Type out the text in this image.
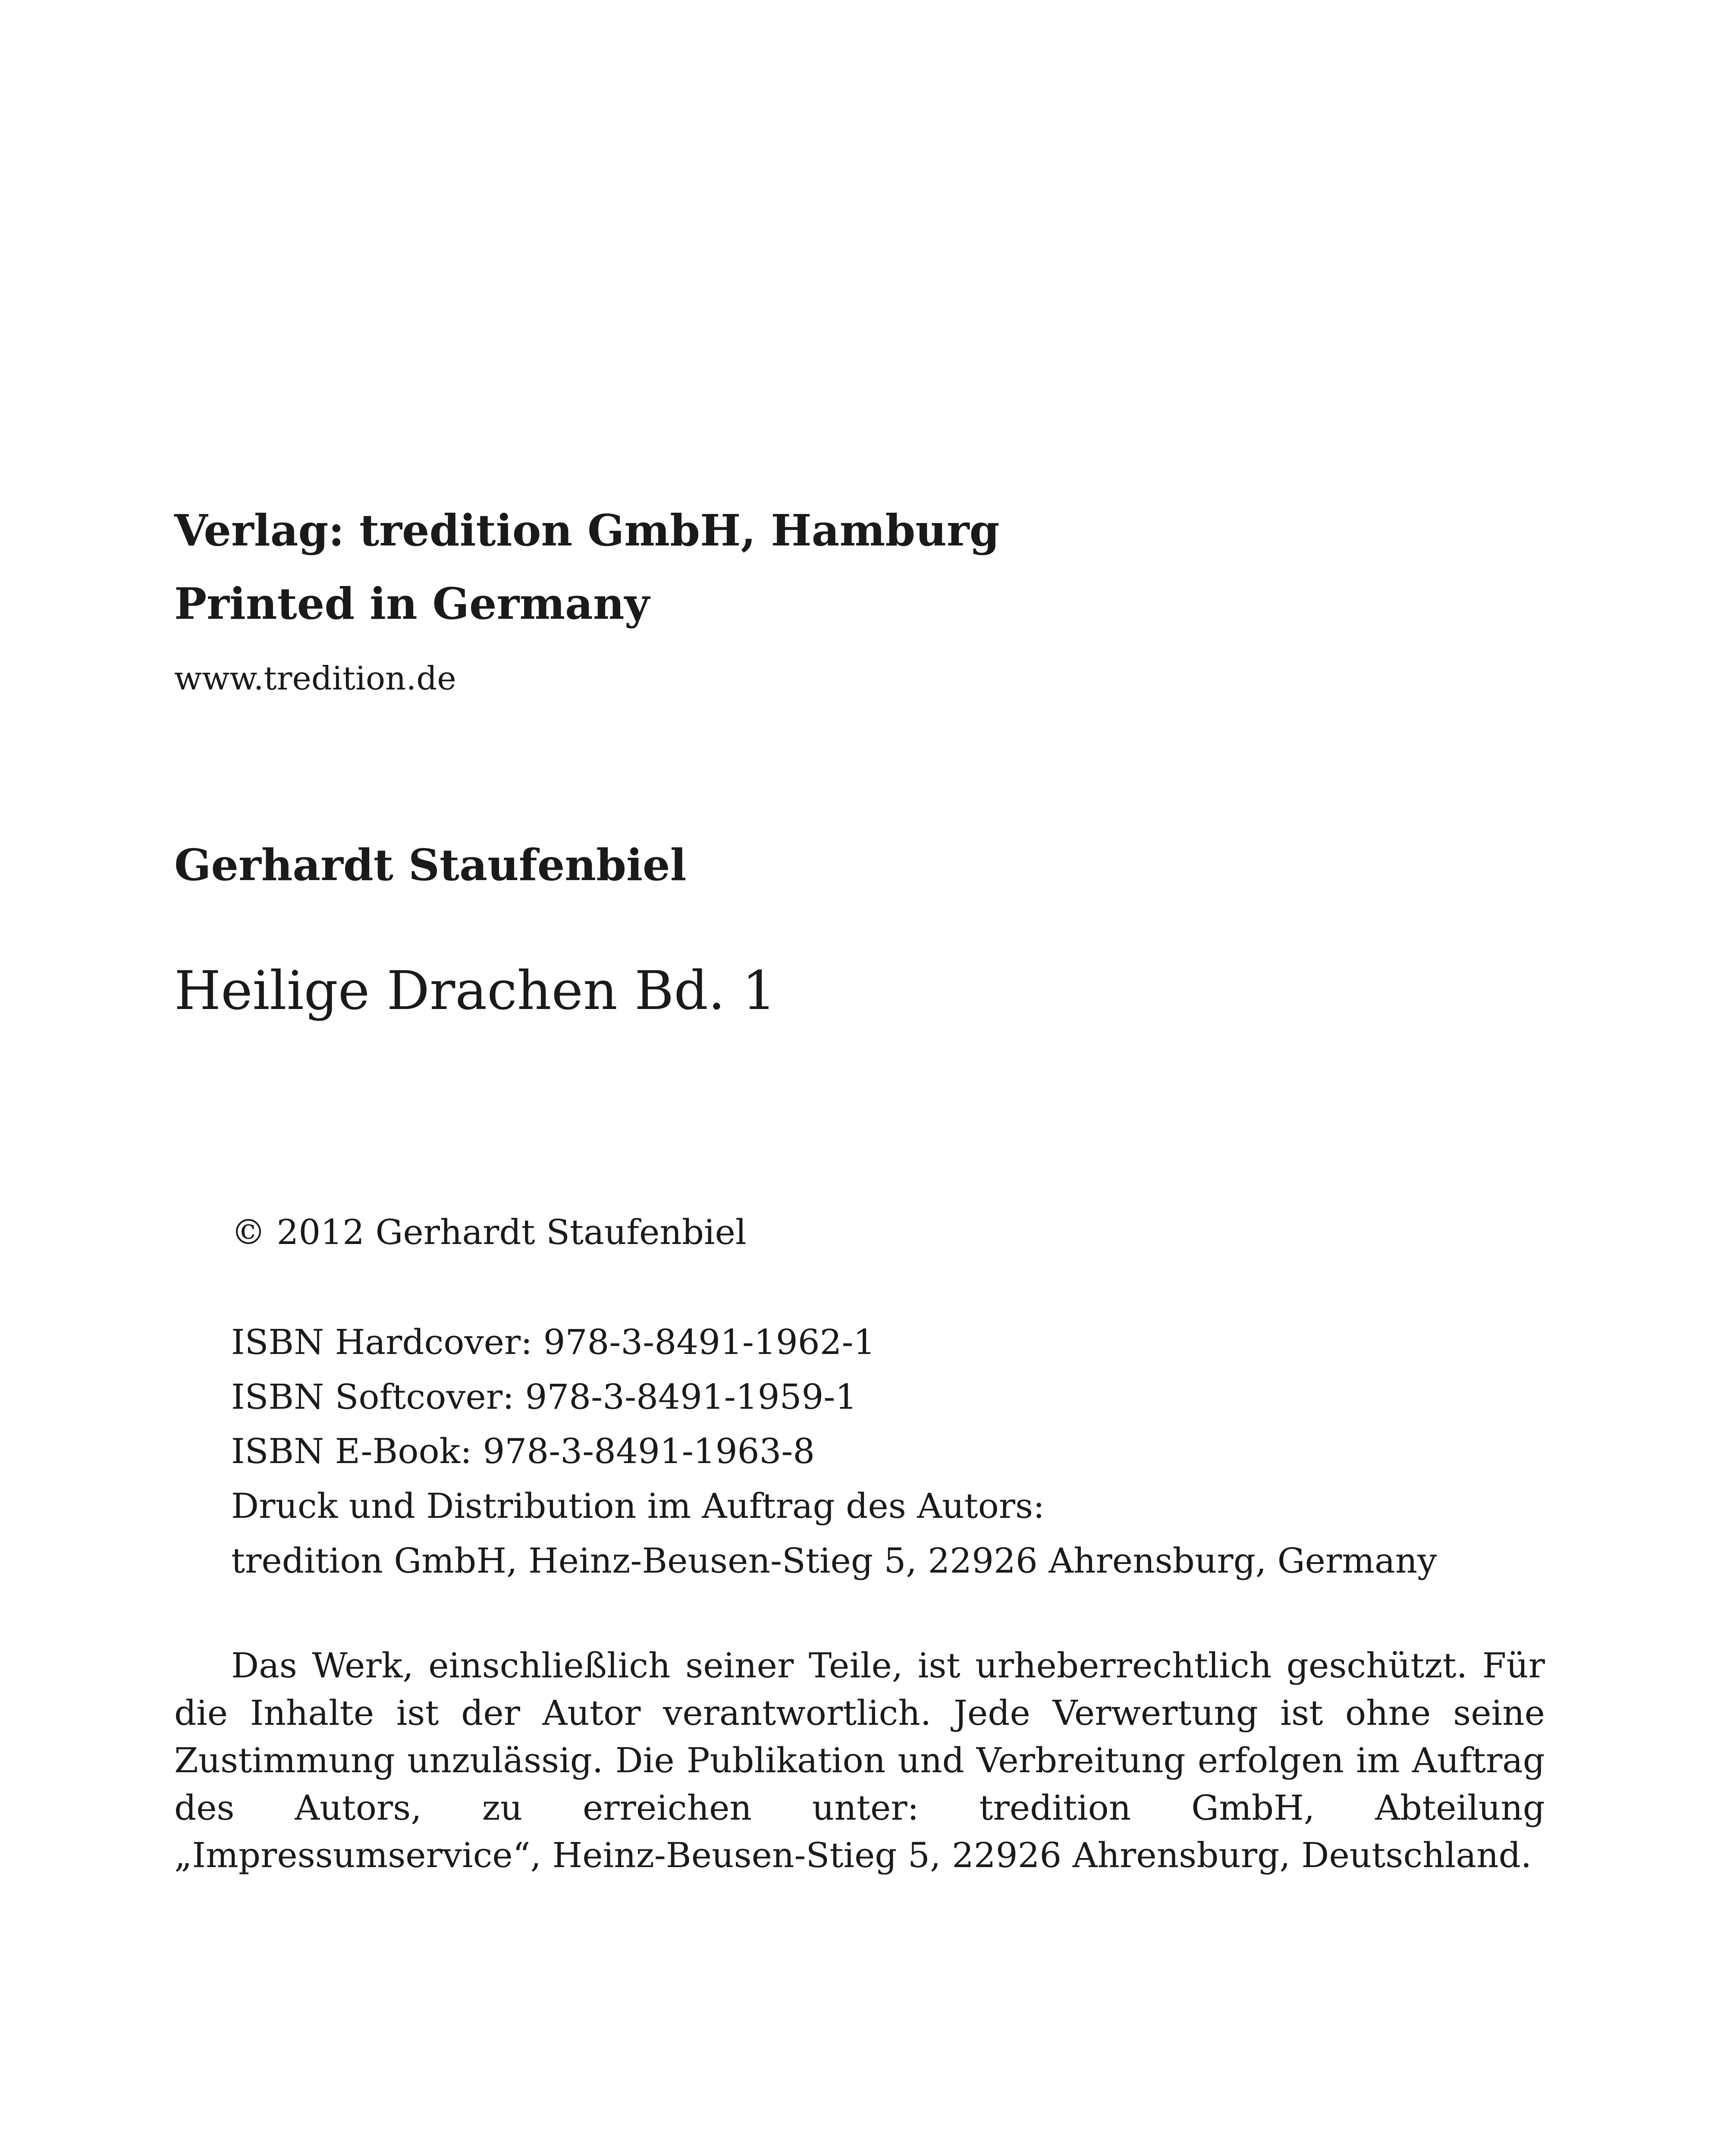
Verlag: tredition GmbH, Hamburg

Printed in Germany

www.tredition.de

Gerhardt Staufenbiel

Heilige Drachen Bd. 1

© 2012 Gerhardt Staufenbiel

ISBN Hardcover: 978-3-8491-1962-1

ISBN Softcover: 978-3-8491-1959-1

ISBN E-Book: 978-3-8491-1963-8

Druck und Distribution im Auftrag des Autors:

tredition GmbH, Heinz-Beusen-Stieg 5, 22926 Ahrensburg, Germany

Das Werk, einschließlich seiner Teile, ist urheberrechtlich geschützt. Für die Inhalte ist der Autor verantwortlich. Jede Verwertung ist ohne seine Zustimmung unzulässig. Die Publikation und Verbreitung erfolgen im Auftrag des Autors, zu erreichen unter: tredition GmbH, Abteilung „Impressumservice“, Heinz-Beusen-Stieg 5, 22926 Ahrensburg, Deutschland.
